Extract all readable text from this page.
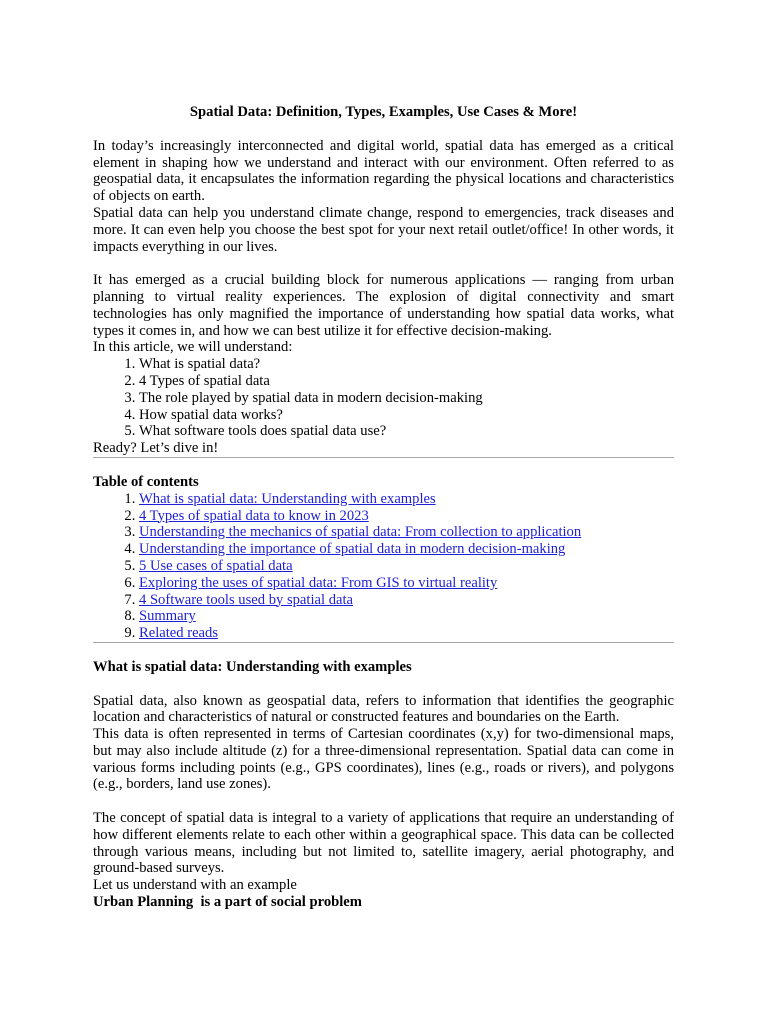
Spatial Data: Definition, Types, Examples, Use Cases & More!

In today’s increasingly interconnected and digital world, spatial data has emerged as a critical element in shaping how we understand and interact with our environment. Often referred to as geospatial data, it encapsulates the information regarding the physical locations and characteristics of objects on earth.

Spatial data can help you understand climate change, respond to emergencies, track diseases and more. It can even help you choose the best spot for your next retail outlet/office! In other words, it impacts everything in our lives.

It has emerged as a crucial building block for numerous applications — ranging from urban planning to virtual reality experiences. The explosion of digital connectivity and smart technologies has only magnified the importance of understanding how spatial data works, what types it comes in, and how we can best utilize it for effective decision-making.

In this article, we will understand:

1. What is spatial data?
2. 4 Types of spatial data
3. The role played by spatial data in modern decision-making
4. How spatial data works?
5. What software tools does spatial data use?

Ready? Let’s dive in!

Table of contents
1. What is spatial data: Understanding with examples
2. 4 Types of spatial data to know in 2023
3. Understanding the mechanics of spatial data: From collection to application
4. Understanding the importance of spatial data in modern decision-making
5. 5 Use cases of spatial data
6. Exploring the uses of spatial data: From GIS to virtual reality
7. 4 Software tools used by spatial data
8. Summary
9. Related reads
What is spatial data: Understanding with examples

Spatial data, also known as geospatial data, refers to information that identifies the geographic location and characteristics of natural or constructed features and boundaries on the Earth.

This data is often represented in terms of Cartesian coordinates (x,y) for two-dimensional maps, but may also include altitude (z) for a three-dimensional representation. Spatial data can come in various forms including points (e.g., GPS coordinates), lines (e.g., roads or rivers), and polygons (e.g., borders, land use zones).

The concept of spatial data is integral to a variety of applications that require an understanding of how different elements relate to each other within a geographical space. This data can be collected through various means, including but not limited to, satellite imagery, aerial photography, and ground-based surveys.

Let us understand with an example

Urban Planning  is a part of social problem
